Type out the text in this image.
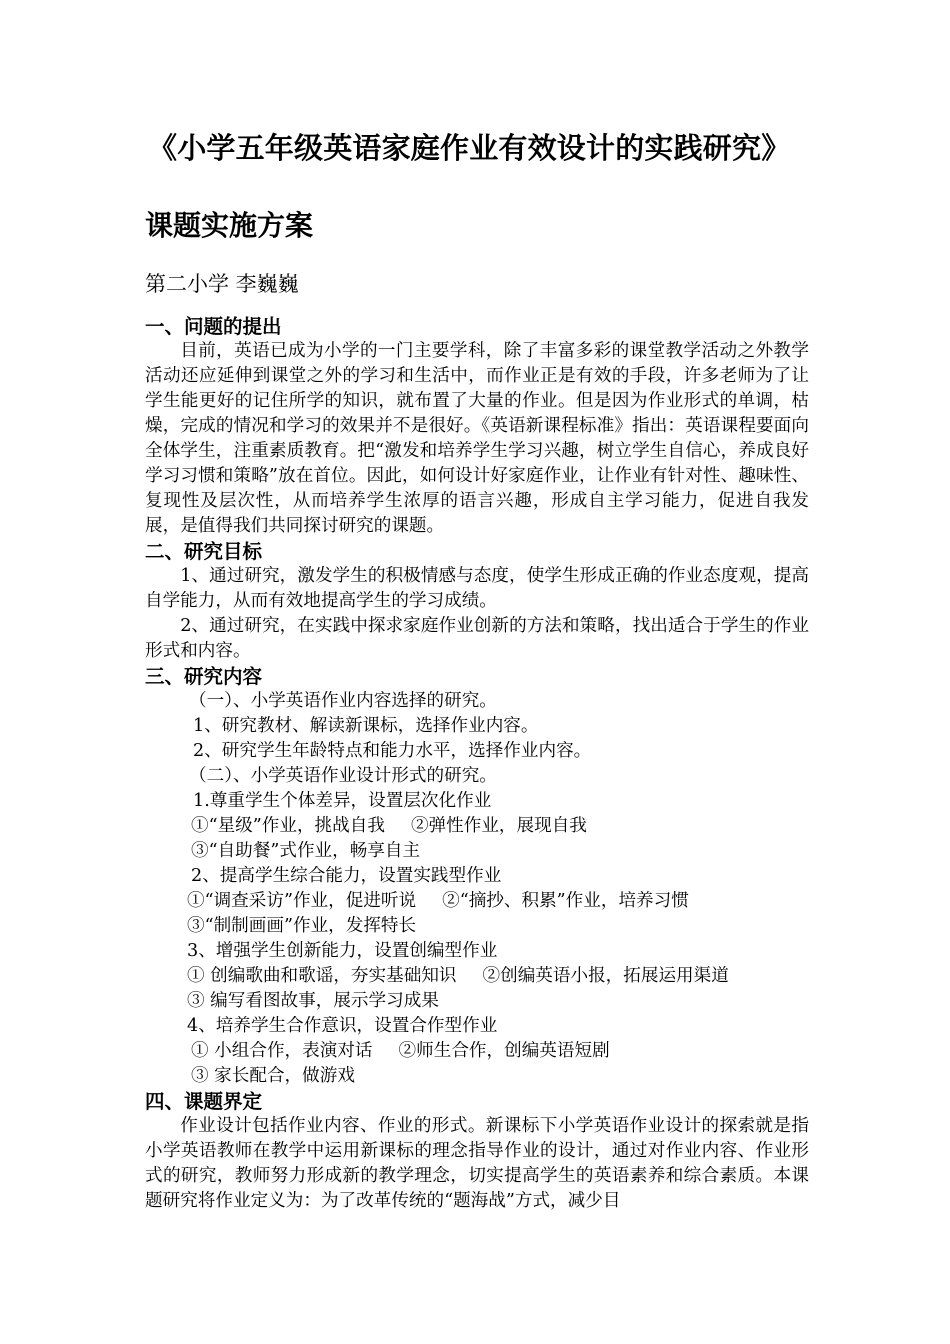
《小学五年级英语家庭作业有效设计的实践研究》
课题实施方案
第二小学 李巍巍
一、问题的提出
目前，英语已成为小学的一门主要学科，除了丰富多彩的课堂教学活动之外教学活动还应延伸到课堂之外的学习和生活中，而作业正是有效的手段，许多老师为了让学生能更好的记住所学的知识，就布置了大量的作业。但是因为作业形式的单调，枯燥，完成的情况和学习的效果并不是很好。《英语新课程标准》指出：英语课程要面向全体学生，注重素质教育。把“激发和培养学生学习兴趣，树立学生自信心，养成良好学习习惯和策略”放在首位。因此，如何设计好家庭作业，让作业有针对性、趣味性、复现性及层次性，从而培养学生浓厚的语言兴趣，形成自主学习能力，促进自我发展，是值得我们共同探讨研究的课题。
二、研究目标
1、通过研究，激发学生的积极情感与态度，使学生形成正确的作业态度观，提高自学能力，从而有效地提高学生的学习成绩。
2、通过研究，在实践中探求家庭作业创新的方法和策略，找出适合于学生的作业形式和内容。
三、研究内容
（一）、小学英语作业内容选择的研究。
1、研究教材、解读新课标，选择作业内容。
2、研究学生年龄特点和能力水平，选择作业内容。
（二）、小学英语作业设计形式的研究。
1.尊重学生个体差异，设置层次化作业
①“星级”作业，挑战自我 ②弹性作业，展现自我
③“自助餐”式作业，畅享自主
2、提高学生综合能力，设置实践型作业
①“调查采访”作业，促进听说 ②“摘抄、积累”作业，培养习惯
③“制制画画”作业，发挥特长
3、增强学生创新能力，设置创编型作业
① 创编歌曲和歌谣，夯实基础知识 ②创编英语小报，拓展运用渠道
③ 编写看图故事，展示学习成果
4、培养学生合作意识，设置合作型作业
① 小组合作，表演对话 ②师生合作，创编英语短剧
③ 家长配合，做游戏
四、课题界定
作业设计包括作业内容、作业的形式。新课标下小学英语作业设计的探索就是指小学英语教师在教学中运用新课标的理念指导作业的设计，通过对作业内容、作业形式的研究，教师努力形成新的教学理念，切实提高学生的英语素养和综合素质。本课题研究将作业定义为：为了改革传统的“题海战”方式，减少目
